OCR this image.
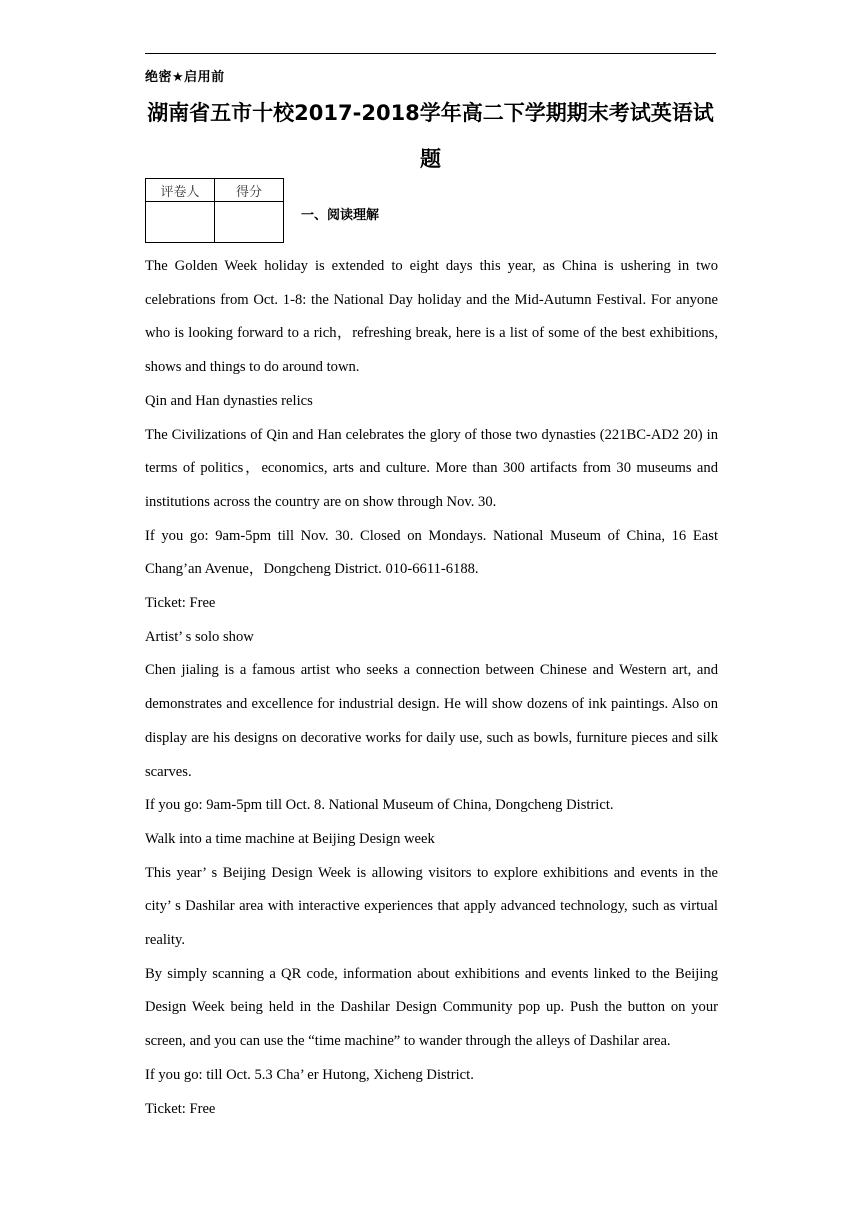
绝密★启用前
湖南省五市十校2017-2018学年高二下学期期末考试英语试
题
评卷人	得分

一、阅读理解

The Golden Week holiday is extended to eight days this year, as China is ushering in two celebrations from Oct. 1-8: the National Day holiday and the Mid-Autumn Festival. For anyone who is looking forward to a rich，refreshing break, here is a list of some of the best exhibitions, shows and things to do around town.

Qin and Han dynasties relics

The Civilizations of Qin and Han celebrates the glory of those two dynasties (221BC-AD2 20) in terms of politics，economics, arts and culture. More than 300 artifacts from 30 museums and institutions across the country are on show through Nov. 30.

If you go: 9am-5pm till Nov. 30. Closed on Mondays. National Museum of China, 16 East Chang’an Avenue，Dongcheng District. 010-6611-6188.

Ticket: Free

Artist’ s solo show

Chen jialing is a famous artist who seeks a connection between Chinese and Western art, and demonstrates and excellence for industrial design. He will show dozens of ink paintings. Also on display are his designs on decorative works for daily use, such as bowls, furniture pieces and silk scarves.

If you go: 9am-5pm till Oct. 8. National Museum of China, Dongcheng District.

Walk into a time machine at Beijing Design week

This year’ s Beijing Design Week is allowing visitors to explore exhibitions and events in the city’ s Dashilar area with interactive experiences that apply advanced technology, such as virtual reality.

By simply scanning a QR code, information about exhibitions and events linked to the Beijing Design Week being held in the Dashilar Design Community pop up. Push the button on your screen, and you can use the “time machine” to wander through the alleys of Dashilar area.

If you go: till Oct. 5.3 Cha’ er Hutong, Xicheng District.

Ticket: Free
